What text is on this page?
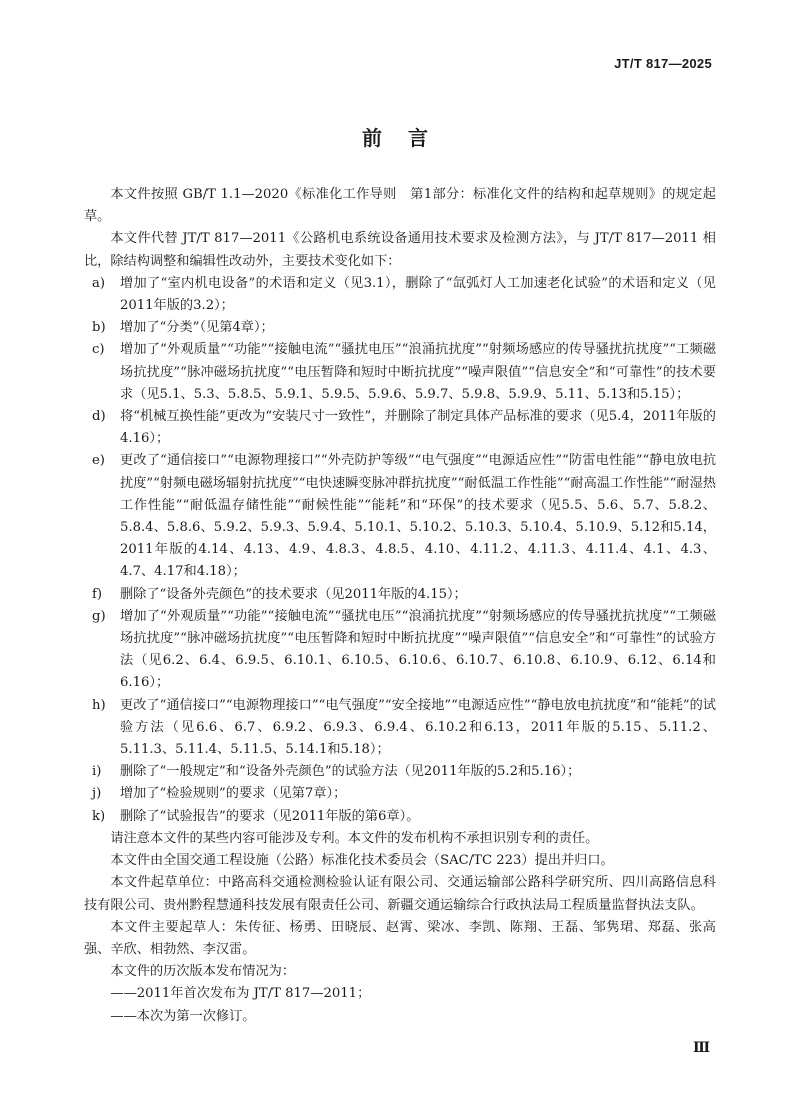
JT/T 817—2025
前言

本文件按照 GB/T 1.1—2020《标准化工作导则　第1部分：标准化文件的结构和起草规则》的规定起草。

本文件代替 JT/T 817—2011《公路机电系统设备通用技术要求及检测方法》，与 JT/T 817—2011 相比，除结构调整和编辑性改动外，主要技术变化如下：

a)	增加了“室内机电设备”的术语和定义（见3.1），删除了“氙弧灯人工加速老化试验”的术语和定义（见2011年版的3.2）；
b)	增加了“分类”（见第4章）；
c)	增加了“外观质量”“功能”“接触电流”“骚扰电压”“浪涌抗扰度”“射频场感应的传导骚扰抗扰度”“工频磁场抗扰度”“脉冲磁场抗扰度”“电压暂降和短时中断抗扰度”“噪声限值”“信息安全”和“可靠性”的技术要求（见5.1、5.3、5.8.5、5.9.1、5.9.5、5.9.6、5.9.7、5.9.8、5.9.9、5.11、5.13和5.15）；
d)	将“机械互换性能”更改为“安装尺寸一致性”，并删除了制定具体产品标准的要求（见5.4，2011年版的4.16）；
e)	更改了“通信接口”“电源物理接口”“外壳防护等级”“电气强度”“电源适应性”“防雷电性能”“静电放电抗扰度”“射频电磁场辐射抗扰度”“电快速瞬变脉冲群抗扰度”“耐低温工作性能”“耐高温工作性能”“耐湿热工作性能”“耐低温存储性能”“耐候性能”“能耗”和“环保”的技术要求（见5.5、5.6、5.7、5.8.2、5.8.4、5.8.6、5.9.2、5.9.3、5.9.4、5.10.1、5.10.2、5.10.3、5.10.4、5.10.9、5.12和5.14，2011年版的4.14、4.13、4.9、4.8.3、4.8.5、4.10、4.11.2、4.11.3、4.11.4、4.1、4.3、4.7、4.17和4.18）；
f)	删除了“设备外壳颜色”的技术要求（见2011年版的4.15）；
g)	增加了“外观质量”“功能”“接触电流”“骚扰电压”“浪涌抗扰度”“射频场感应的传导骚扰抗扰度”“工频磁场抗扰度”“脉冲磁场抗扰度”“电压暂降和短时中断抗扰度”“噪声限值”“信息安全”和“可靠性”的试验方法（见6.2、6.4、6.9.5、6.10.1、6.10.5、6.10.6、6.10.7、6.10.8、6.10.9、6.12、6.14和6.16）；
h)	更改了“通信接口”“电源物理接口”“电气强度”“安全接地”“电源适应性”“静电放电抗扰度”和“能耗”的试验方法（见6.6、6.7、6.9.2、6.9.3、6.9.4、6.10.2和6.13，2011年版的5.15、5.11.2、5.11.3、5.11.4、5.11.5、5.14.1和5.18）；
i)	删除了“一般规定”和“设备外壳颜色”的试验方法（见2011年版的5.2和5.16）；
j)	增加了“检验规则”的要求（见第7章）；
k)	删除了“试验报告”的要求（见2011年版的第6章）。

请注意本文件的某些内容可能涉及专利。本文件的发布机构不承担识别专利的责任。

本文件由全国交通工程设施（公路）标准化技术委员会（SAC/TC 223）提出并归口。

本文件起草单位：中路高科交通检测检验认证有限公司、交通运输部公路科学研究所、四川高路信息科技有限公司、贵州黔程慧通科技发展有限责任公司、新疆交通运输综合行政执法局工程质量监督执法支队。

本文件主要起草人：朱传征、杨勇、田晓辰、赵霄、梁冰、李凯、陈翔、王磊、邹隽珺、郑磊、张高强、辛欣、相勃然、李汉雷。

本文件的历次版本发布情况为：

——2011年首次发布为 JT/T 817—2011；

——本次为第一次修订。

Ⅲ
